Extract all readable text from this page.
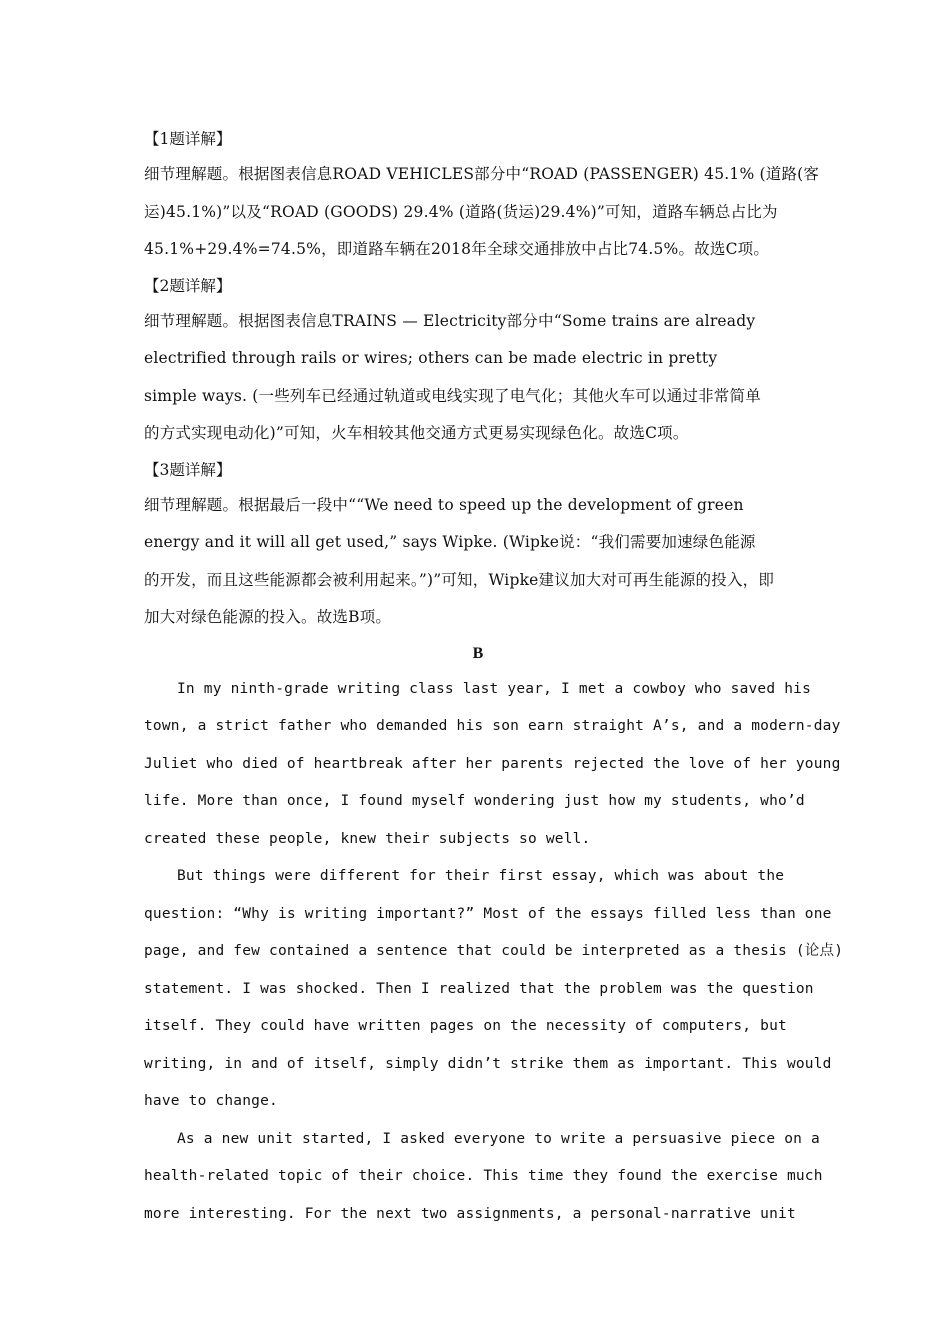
【1题详解】
细节理解题。根据图表信息ROAD VEHICLES部分中“ROAD (PASSENGER) 45.1% (道路(客
运)45.1%)”以及“ROAD (GOODS) 29.4% (道路(货运)29.4%)”可知，道路车辆总占比为
45.1%+29.4%=74.5%，即道路车辆在2018年全球交通排放中占比74.5%。故选C项。
【2题详解】
细节理解题。根据图表信息TRAINS — Electricity部分中“Some trains are already
electrified through rails or wires; others can be made electric in pretty
simple ways. (一些列车已经通过轨道或电线实现了电气化；其他火车可以通过非常简单
的方式实现电动化)”可知，火车相较其他交通方式更易实现绿色化。故选C项。
【3题详解】
细节理解题。根据最后一段中““We need to speed up the development of green
energy and it will all get used,” says Wipke. (Wipke说：“我们需要加速绿色能源
的开发，而且这些能源都会被利用起来。”)”可知，Wipke建议加大对可再生能源的投入，即
加大对绿色能源的投入。故选B项。
B
In my ninth-grade writing class last year, I met a cowboy who saved his
town, a strict father who demanded his son earn straight A’s, and a modern-day
Juliet who died of heartbreak after her parents rejected the love of her young
life. More than once, I found myself wondering just how my students, who’d
created these people, knew their subjects so well.
But things were different for their first essay, which was about the
question: “Why is writing important?” Most of the essays filled less than one
page, and few contained a sentence that could be interpreted as a thesis (论点)
statement. I was shocked. Then I realized that the problem was the question
itself. They could have written pages on the necessity of computers, but
writing, in and of itself, simply didn’t strike them as important. This would
have to change.
As a new unit started, I asked everyone to write a persuasive piece on a
health-related topic of their choice. This time they found the exercise much
more interesting. For the next two assignments, a personal-narrative unit
